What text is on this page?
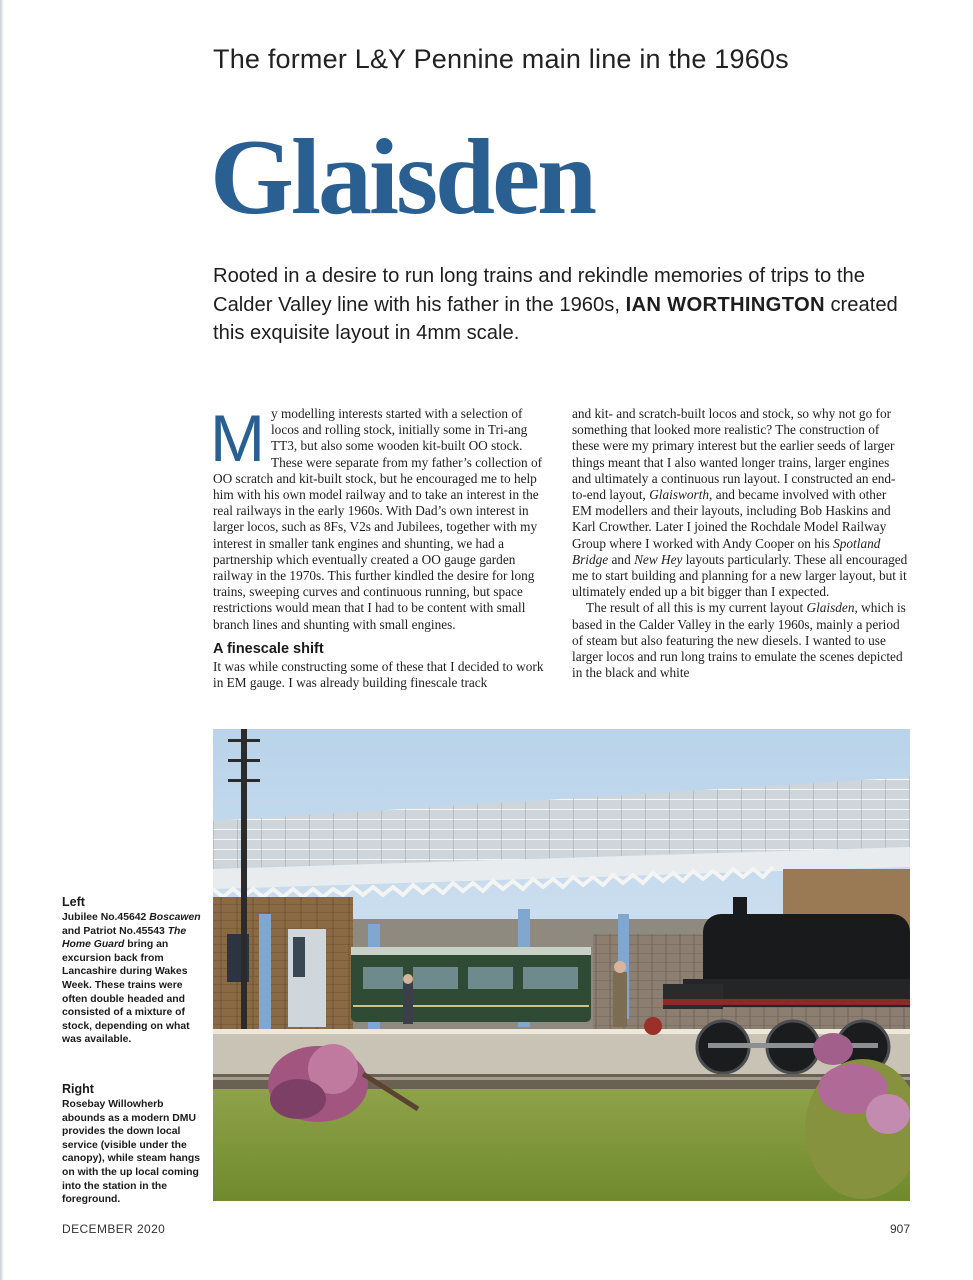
The former L&Y Pennine main line in the 1960s
Glaisden
Rooted in a desire to run long trains and rekindle memories of trips to the Calder Valley line with his father in the 1960s, IAN WORTHINGTON created this exquisite layout in 4mm scale.

My modelling interests started with a selection of locos and rolling stock, initially some in Tri-ang TT3, but also some wooden kit-built OO stock. These were separate from my father’s collection of OO scratch and kit-built stock, but he encouraged me to help him with his own model railway and to take an interest in the real railways in the early 1960s. With Dad’s own interest in larger locos, such as 8Fs, V2s and Jubilees, together with my interest in smaller tank engines and shunting, we had a partnership which eventually created a OO gauge garden railway in the 1970s. This further kindled the desire for long trains, sweeping curves and continuous running, but space restrictions would mean that I had to be content with small branch lines and shunting with small engines.

A finescale shift

It was while constructing some of these that I decided to work in EM gauge. I was already building finescale track

and kit- and scratch-built locos and stock, so why not go for something that looked more realistic? The construction of these were my primary interest but the earlier seeds of larger things meant that I also wanted longer trains, larger engines and ultimately a continuous run layout. I constructed an end-to-end layout, Glaisworth, and became involved with other EM modellers and their layouts, including Bob Haskins and Karl Crowther. Later I joined the Rochdale Model Railway Group where I worked with Andy Cooper on his Spotland Bridge and New Hey layouts particularly. These all encouraged me to start building and planning for a new larger layout, but it ultimately ended up a bit bigger than I expected.

The result of all this is my current layout Glaisden, which is based in the Calder Valley in the early 1960s, mainly a period of steam but also featuring the new diesels. I wanted to use larger locos and run long trains to emulate the scenes depicted in the black and white

Left

Jubilee No.45642 Boscawen and Patriot No.45543 The Home Guard bring an excursion back from Lancashire during Wakes Week. These trains were often double headed and consisted of a mixture of stock, depending on what was available.

Right

Rosebay Willowherb abounds as a modern DMU provides the down local service (visible under the canopy), while steam hangs on with the up local coming into the station in the foreground.

DECEMBER 2020	907
